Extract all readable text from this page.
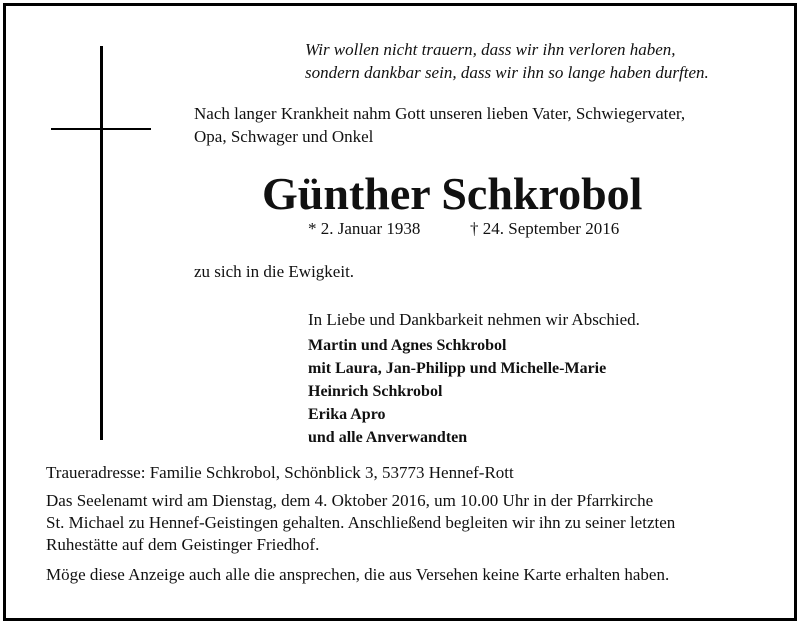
Wir wollen nicht trauern, dass wir ihn verloren haben,
sondern dankbar sein, dass wir ihn so lange haben durften.
Nach langer Krankheit nahm Gott unseren lieben Vater, Schwiegervater,
Opa, Schwager und Onkel
Günther Schkrobol
* 2. Januar 1938	† 24. September 2016
zu sich in die Ewigkeit.
In Liebe und Dankbarkeit nehmen wir Abschied.
Martin und Agnes Schkrobol
mit Laura, Jan-Philipp und Michelle-Marie
Heinrich Schkrobol
Erika Apro
und alle Anverwandten
Traueradresse: Familie Schkrobol, Schönblick 3, 53773 Hennef-Rott
Das Seelenamt wird am Dienstag, dem 4. Oktober 2016, um 10.00 Uhr in der Pfarrkirche
St. Michael zu Hennef-Geistingen gehalten. Anschließend begleiten wir ihn zu seiner letzten
Ruhestätte auf dem Geistinger Friedhof.
Möge diese Anzeige auch alle die ansprechen, die aus Versehen keine Karte erhalten haben.
